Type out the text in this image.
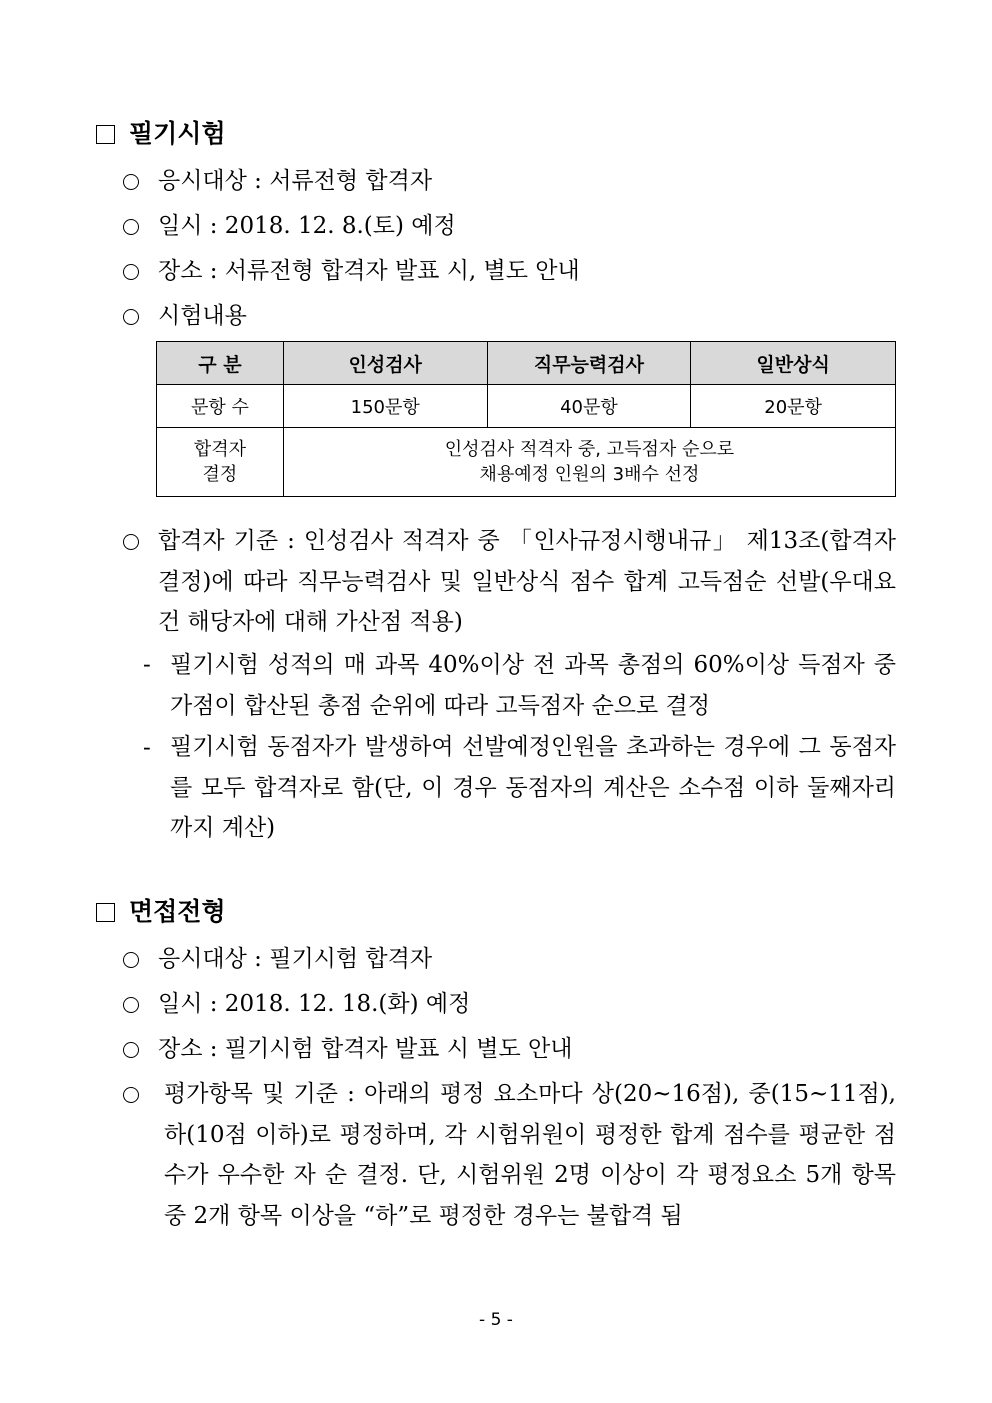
필기시험
응시대상 : 서류전형 합격자
일시 : 2018. 12. 8.(토) 예정
장소 : 서류전형 합격자 발표 시, 별도 안내
시험내용
구 분	인성검사	직무능력검사	일반상식
문항 수	150문항	40문항	20문항
합격자
결정	인성검사 적격자 중, 고득점자 순으로
채용예정 인원의 3배수 선정		
합격자 기준 : 인성검사 적격자 중 「인사규정시행내규」 제13조(합격자 결정)에 따라 직무능력검사 및 일반상식 점수 합계 고득점순 선발(우대요건 해당자에 대해 가산점 적용)
- 필기시험 성적의 매 과목 40%이상 전 과목 총점의 60%이상 득점자 중 가점이 합산된 총점 순위에 따라 고득점자 순으로 결정
- 필기시험 동점자가 발생하여 선발예정인원을 초과하는 경우에 그 동점자를 모두 합격자로 함(단, 이 경우 동점자의 계산은 소수점 이하 둘째자리까지 계산)
면접전형
응시대상 : 필기시험 합격자
일시 : 2018. 12. 18.(화) 예정
장소 : 필기시험 합격자 발표 시 별도 안내
평가항목 및 기준 : 아래의 평정 요소마다 상(20~16점), 중(15~11점), 하(10점 이하)로 평정하며, 각 시험위원이 평정한 합계 점수를 평균한 점수가 우수한 자 순 결정. 단, 시험위원 2명 이상이 각 평정요소 5개 항목 중 2개 항목 이상을 “하”로 평정한 경우는 불합격 됨
- 5 -
